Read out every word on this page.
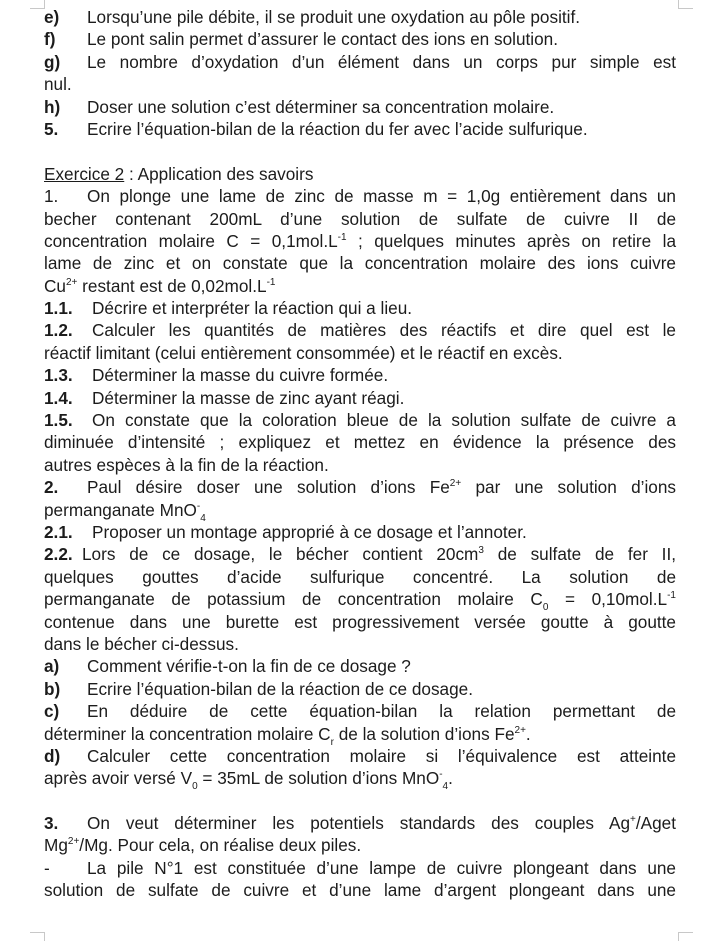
e)	Lorsqu’une pile débite, il se produit une oxydation au pôle positif.
f)	Le pont salin permet d’assurer le contact des ions en solution.
g)	Le nombre d’oxydation d’un élément dans un corps pur simple est
nul.
h)	Doser une solution c’est déterminer sa concentration molaire.
5.	Ecrire l’équation-bilan de la réaction du fer avec l’acide sulfurique.
Exercice 2 : Application des savoirs
1.	On plonge une lame de zinc de masse m = 1,0g entièrement dans un
becher contenant 200mL d’une solution de sulfate de cuivre II de
concentration molaire $C = 0,1mol.L^{-1}$ ; quelques minutes après on retire la
lame de zinc et on constate que la concentration molaire des ions cuivre
$Cu^{2+}$ restant est de $0,02mol.L^{-1}$
1.1.	Décrire et interpréter la réaction qui a lieu.
1.2.	Calculer les quantités de matières des réactifs et dire quel est le
réactif limitant (celui entièrement consommée) et le réactif en excès.
1.3.	Déterminer la masse du cuivre formée.
1.4.	Déterminer la masse de zinc ayant réagi.
1.5.	On constate que la coloration bleue de la solution sulfate de cuivre a
diminuée d’intensité ; expliquez et mettez en évidence la présence des
autres espèces à la fin de la réaction.
2.	Paul désire doser une solution d’ions $Fe^{2+}$ par une solution d’ions
permanganate MnO-$_4$
2.1.	Proposer un montage approprié à ce dosage et l’annoter.
2.2. Lors de ce dosage, le bécher contient $20cm^3$ de sulfate de fer II,
quelques gouttes d’acide sulfurique concentré. La solution de
permanganate de potassium de concentration molaire $C_0 = 0,10mol.L^{-1}$
contenue dans une burette est progressivement versée goutte à goutte
dans le bécher ci-dessus.
a)	Comment vérifie-t-on la fin de ce dosage ?
b)	Ecrire l’équation-bilan de la réaction de ce dosage.
c)	En déduire de cette équation-bilan la relation permettant de
déterminer la concentration molaire $C_r$ de la solution d’ions $Fe^{2+}$.
d)	Calculer cette concentration molaire si l’équivalence est atteinte
après avoir versé $V_0 = 35mL$ de solution d’ions MnO-$_4$.
3.	On veut déterminer les potentiels standards des couples Ag+/Aget
$Mg^{2+}/Mg$. Pour cela, on réalise deux piles.
-	La pile N°1 est constituée d’une lampe de cuivre plongeant dans une
solution de sulfate de cuivre et d’une lame d’argent plongeant dans une
